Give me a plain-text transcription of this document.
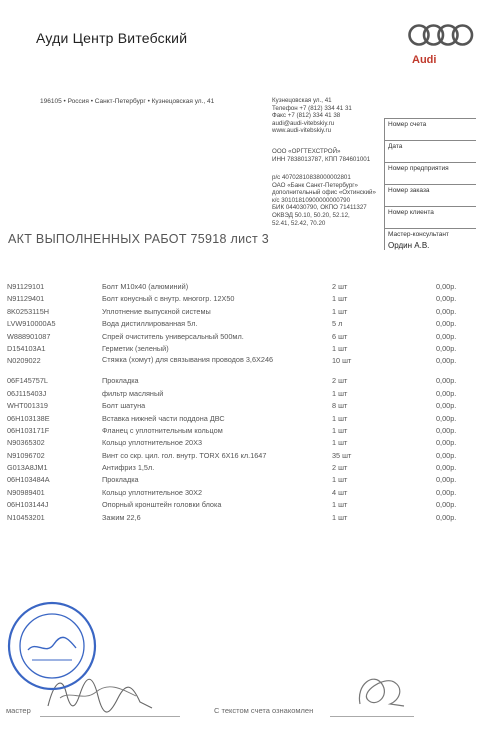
Ауди Центр Витебский
Audi
196105 • Россия • Санкт-Петербург • Кузнецовская ул., 41	Кузнецовская ул., 41
Телефон +7 (812) 334 41 31
Факс +7 (812) 334 41 38
audi@audi-vitebskiy.ru
www.audi-vitebskiy.ru
ООО «ОРГТЕХСТРОЙ»
ИНН 7838013787, КПП 784601001
р/с 40702810838000002801
ОАО «Банк Санкт-Петербург»
дополнительный офис «Охтинский»
к/с 30101810900000000790
БИК 044030790, ОКПО 71411327
ОКВЭД 50.10, 50.20, 52.12,
52.41, 52.42, 70.20
Номер счета
Дата
Номер предприятия
Номер заказа
Номер клиента
Мастер-консультант
Ордин А.В.
АКТ ВЫПОЛНЕННЫХ РАБОТ 75918 лист 3
N91129101	Болт M10x40 (алюминий)	2 шт	0,00р.
N91129401	Болт конусный с внутр. многогр. 12X50	1 шт	0,00р.
8K0253115H	Уплотнение выпускной системы	1 шт	0,00р.
LVW910000A5	Вода дистиллированная 5л.	5 л	0,00р.
W888901087	Спрей очиститель универсальный 500мл.	6 шт	0,00р.
D154103A1	Герметик (зеленый)	1 шт	0,00р.
N0209022	Стяжка (хомут) для связывания проводов 3,6X246	10 шт	0,00р.
06F145757L	Прокладка	2 шт	0,00р.
06J115403J	фильтр масляный	1 шт	0,00р.
WHT001319	Болт шатуна	8 шт	0,00р.
06H103138E	Вставка нижней части поддона ДВС	1 шт	0,00р.
06H103171F	Фланец с уплотнительным кольцом	1 шт	0,00р.
N90365302	Кольцо уплотнительное 20X3	1 шт	0,00р.
N91096702	Винт со скр. цил. гол. внутр. TORX 6X16 кл.1647	35 шт	0,00р.
G013A8JM1	Антифриз 1,5л.	2 шт	0,00р.
06H103484A	Прокладка	1 шт	0,00р.
N90989401	Кольцо уплотнительное 30X2	4 шт	0,00р.
06H103144J	Опорный кронштейн головки блока	1 шт	0,00р.
N10453201	Зажим 22,6	1 шт	0,00р.
мастер	С текстом счета ознакомлен
